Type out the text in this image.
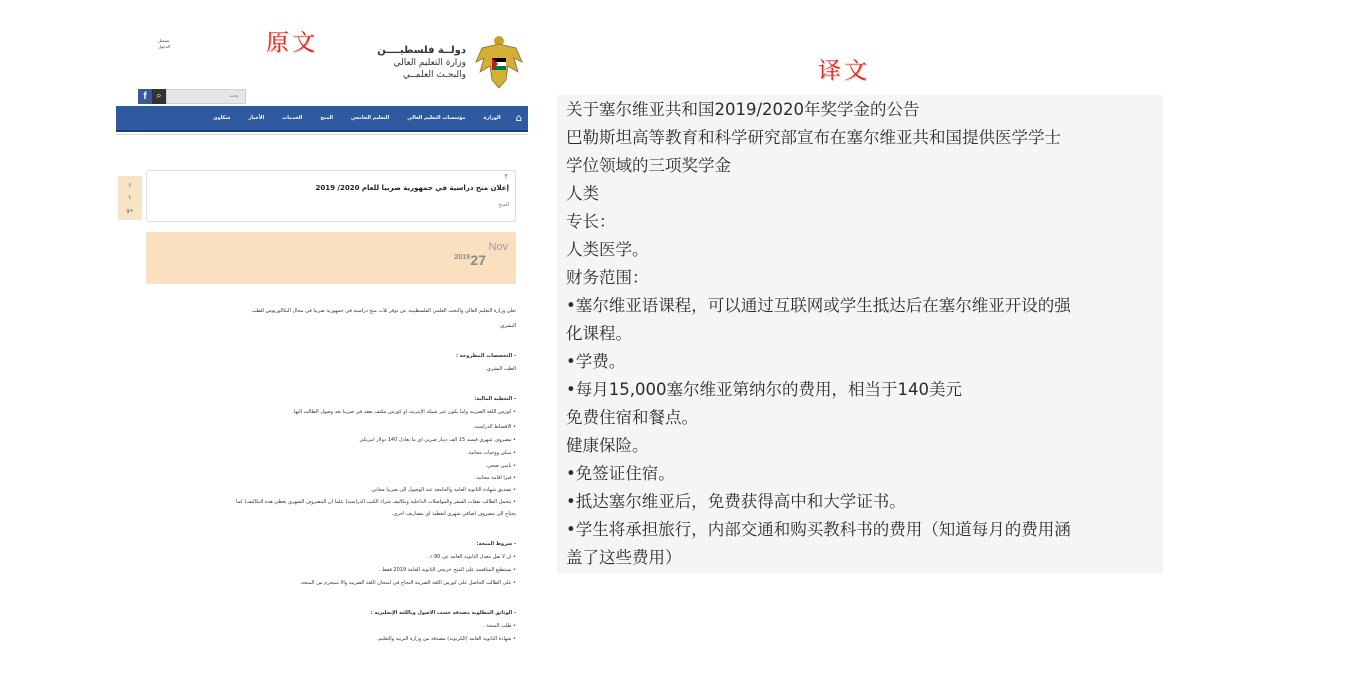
原文
译文
تسجيل
الدخول	دولــة فلسطيــــن
وزارة التعليم العالي
والبحـث العلمــي
f	⌕	بحث
⌂
الوزارة
مؤسسات التعليم العالي
التعليم الجامعي
المنح
الخدمات
الأخبار
شكاوى
f
t
g+
↑
إعلان منح دراسية في جمهورية صربيا للعام 2020/ 2019
المنح
Nov
27
2019

تعلن وزارة التعليم العالي والبحث العلمي الفلسطينية عن توفر ثلاث منح دراسية في جمهورية صربيا في مجال البكالوريوس للطب

البشري.

- التخصصات المطروحة :

الطب البشري.

- التغطية المالية:

• كورس اللغة الصربية واما يكون عبر شبكة الإنترنت او كورس مكثف يعقد في صربيا بعد وصول الطالب اليها.

• الأقساط الدراسية.

• مصروف شهري قيمته 15 الف دينار صربي اي ما يعادل 140 دولار امريكي

• سكن ووجبات مجانية.

• تامين صحي.

• فيزا اقامة مجانية.

• تصديق شهادة الثانوية العامة والجامعة عند الوصول الى صربيا مجاني.

• يتحمل الطالب نفقات السفر والمواصلات الداخلية وتكاليف شراء الكتب الدراسية( علما ان المصروف الشهري يغطي هذه التكاليف) كما

يحتاج الى مصروف اضافي شهري لتغطية اي مصاريف اخرى.

- شروط المنحة:

• ان لا يقل معدل الثانوية العامة عن 90 ٪ .

• يستطيع المنافسة على المنح خريجي الثانوية العامة 2019 فقط .

• على الطالب الحاصل على كورس اللغة الصربية النجاح في امتحان اللغة الصربية والا سيحرم من المنحة.

- الوثائق المطلوبة مصدقة حسب الاصول وباللغة الإنجليزية :

• طلب المنحة .

• شهادة الثانوية العامة (الكرتونة) مصدقة من وزارة التربية والتعليم.

关于塞尔维亚共和国2019/2020年奖学金的公告
巴勒斯坦高等教育和科学研究部宣布在塞尔维亚共和国提供医学学士
学位领域的三项奖学金
人类
专长：
人类医学。
财务范围：
•塞尔维亚语课程，可以通过互联网或学生抵达后在塞尔维亚开设的强
化课程。
•学费。
•每月15,000塞尔维亚第纳尔的费用，相当于140美元
免费住宿和餐点。
健康保险。
•免签证住宿。
•抵达塞尔维亚后，免费获得高中和大学证书。
•学生将承担旅行，内部交通和购买教科书的费用（知道每月的费用涵
盖了这些费用）
